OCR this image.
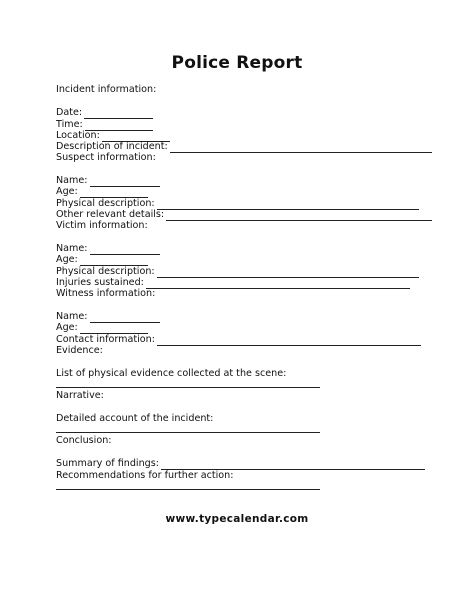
Police Report
Incident information:
Date:
Time:
Location:
Description of incident:
Suspect information:
Name:
Age:
Physical description:
Other relevant details:
Victim information:
Name:
Age:
Physical description:
Injuries sustained:
Witness information:
Name:
Age:
Contact information:
Evidence:
List of physical evidence collected at the scene:
Narrative:
Detailed account of the incident:
Conclusion:
Summary of findings:
Recommendations for further action:
www.typecalendar.com
